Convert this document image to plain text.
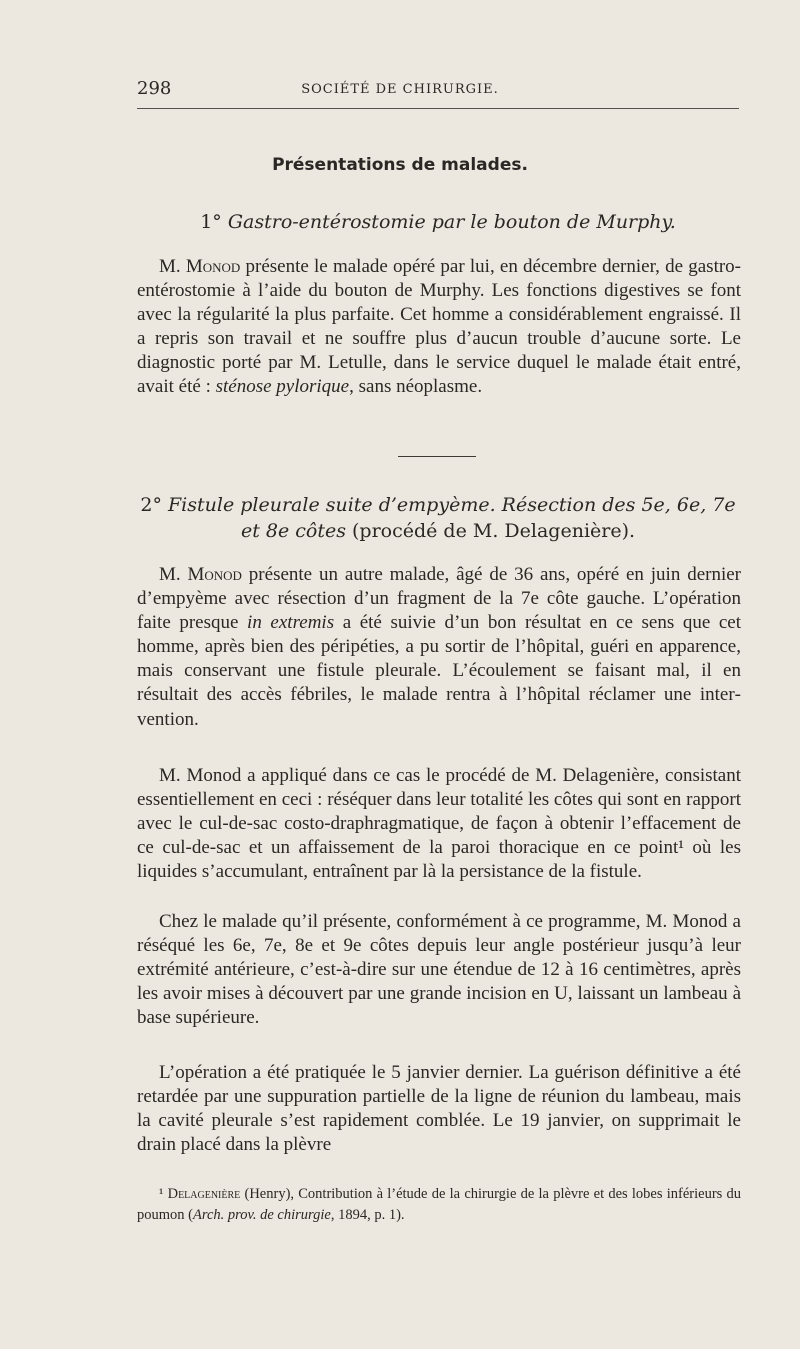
298	SOCIÉTÉ DE CHIRURGIE.
Présentations de malades.
1° Gastro-entérostomie par le bouton de Murphy.

M. Monod présente le malade opéré par lui, en décembre dernier, de gastro-entérostomie à l’aide du bouton de Murphy. Les fonctions digestives se font avec la régularité la plus parfaite. Cet homme a considérablement engraissé. Il a repris son travail et ne souffre plus d’aucun trouble d’aucune sorte. Le diagnostic porté par M. Letulle, dans le service duquel le malade était entré, avait été : sténose pylorique, sans néoplasme.

2° Fistule pleurale suite d’empyème. Résection des 5e, 6e, 7e et 8e côtes (procédé de M. Delagenière).

M. Monod présente un autre malade, âgé de 36 ans, opéré en juin dernier d’empyème avec résection d’un fragment de la 7e côte gauche. L’opération faite presque in extremis a été suivie d’un bon résultat en ce sens que cet homme, après bien des péripéties, a pu sortir de l’hôpital, guéri en apparence, mais conservant une fistule pleurale. L’écoulement se faisant mal, il en résultait des accès fébriles, le malade rentra à l’hôpital réclamer une intervention.

M. Monod a appliqué dans ce cas le procédé de M. Delagenière, consistant essentiellement en ceci : réséquer dans leur totalité les côtes qui sont en rapport avec le cul-de-sac costo-draphragmatique, de façon à obtenir l’effacement de ce cul-de-sac et un affaissement de la paroi thoracique en ce point¹ où les liquides s’accumulant, entraînent par là la persistance de la fistule.

Chez le malade qu’il présente, conformément à ce programme, M. Monod a réséqué les 6e, 7e, 8e et 9e côtes depuis leur angle postérieur jusqu’à leur extrémité antérieure, c’est-à-dire sur une étendue de 12 à 16 centimètres, après les avoir mises à découvert par une grande incision en U, laissant un lambeau à base supérieure.

L’opération a été pratiquée le 5 janvier dernier. La guérison définitive a été retardée par une suppuration partielle de la ligne de réunion du lambeau, mais la cavité pleurale s’est rapidement comblée. Le 19 janvier, on supprimait le drain placé dans la plèvre

¹ Delagenière (Henry), Contribution à l’étude de la chirurgie de la plèvre et des lobes inférieurs du poumon (Arch. prov. de chirurgie, 1894, p. 1).
